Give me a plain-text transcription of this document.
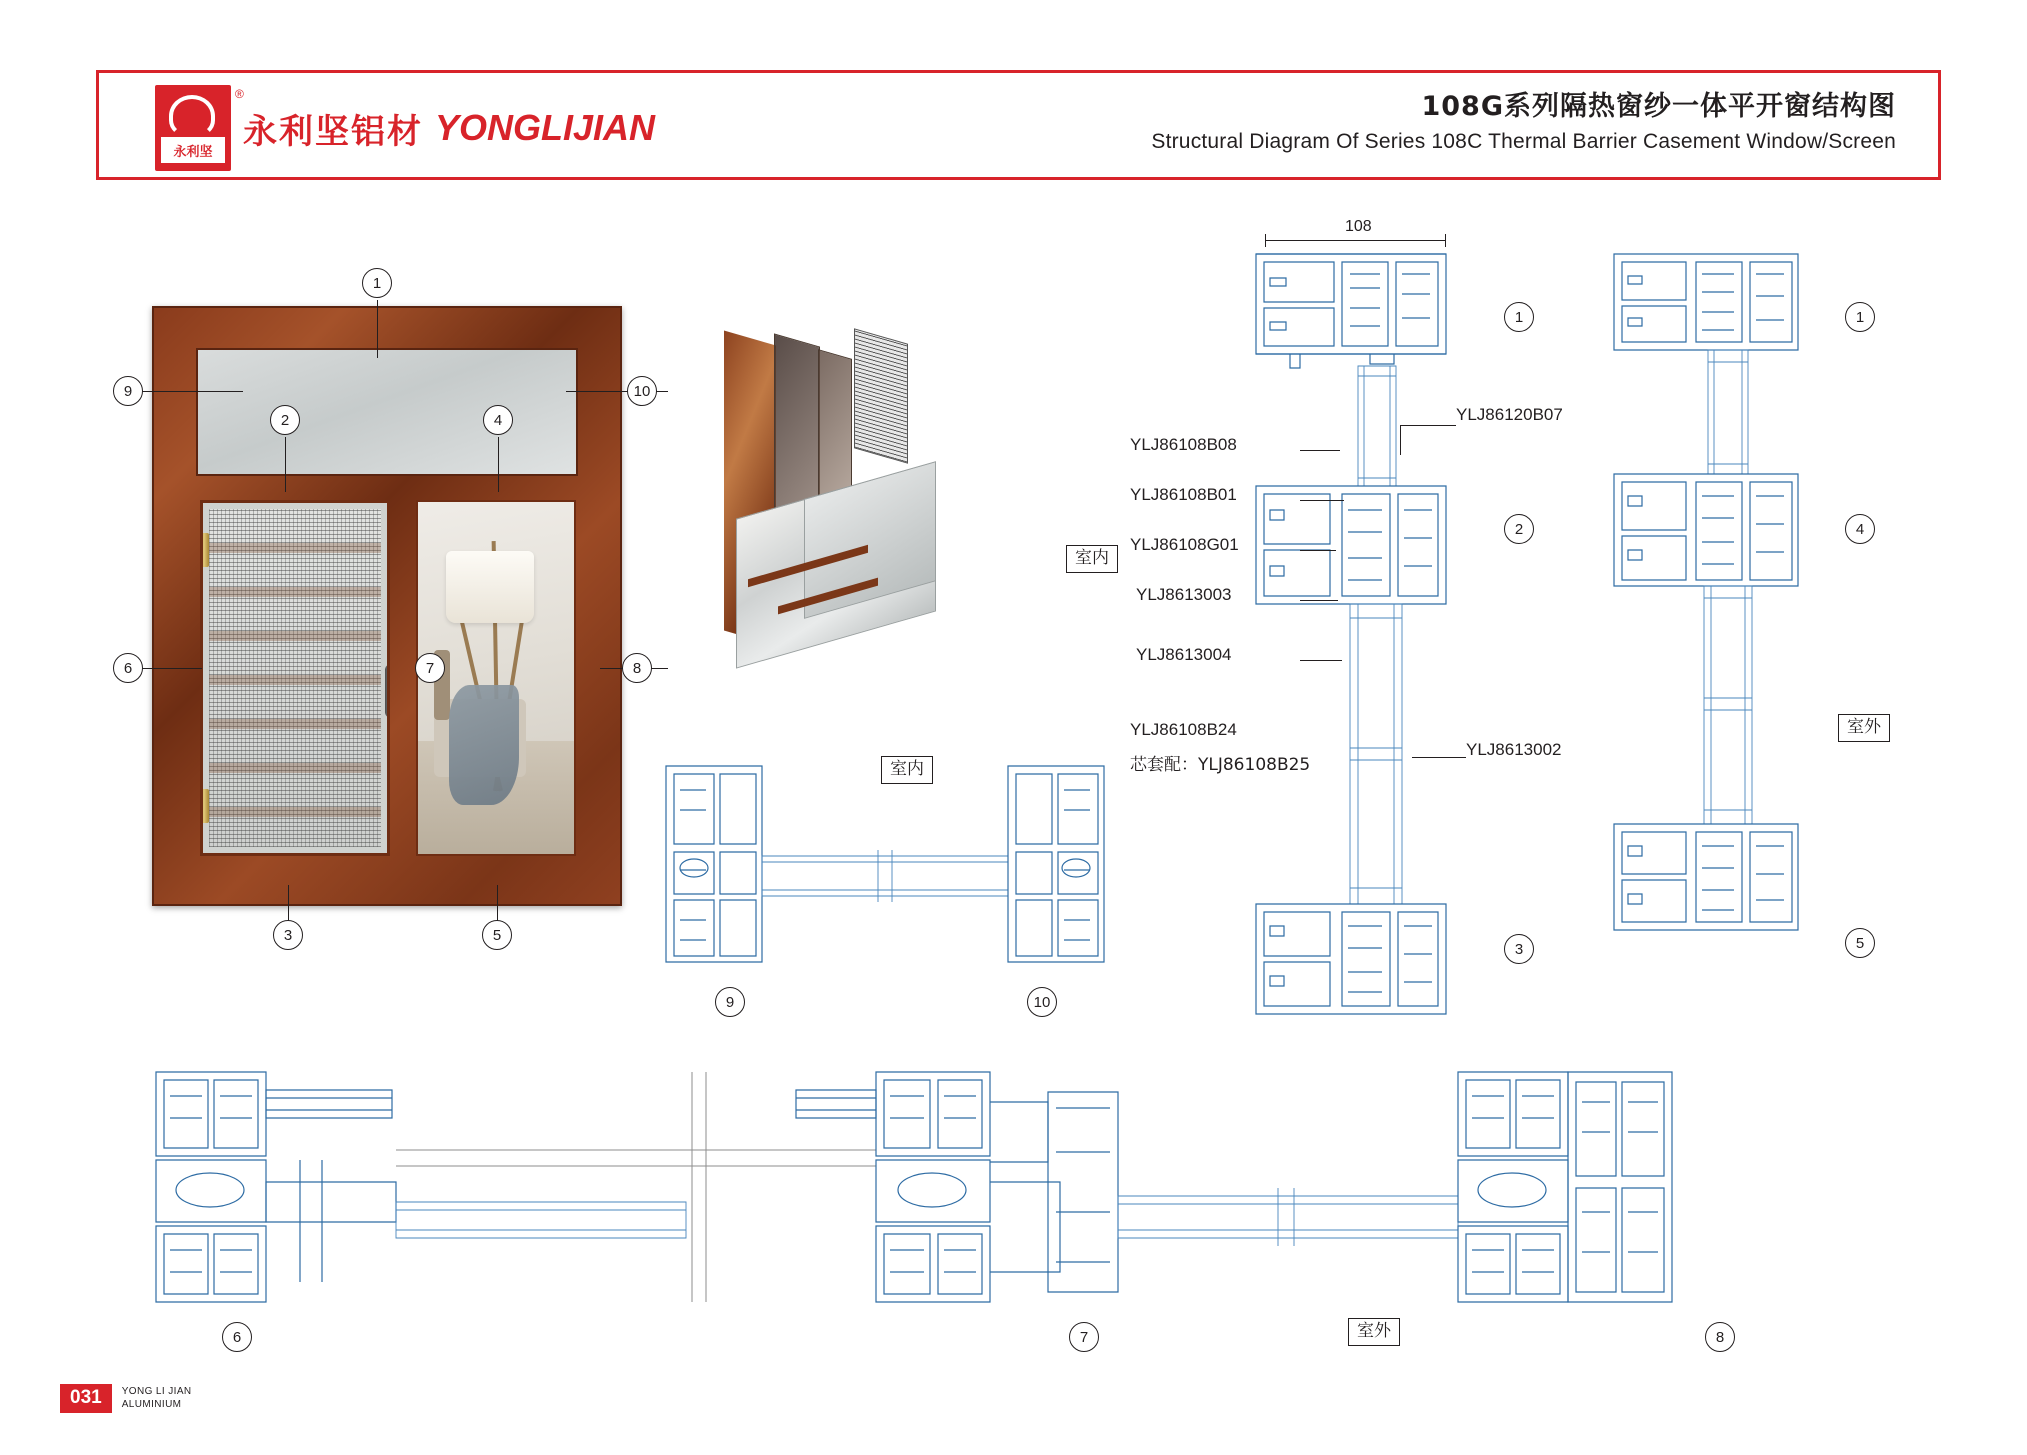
永利坚
®
永利坚铝材 YONGLIJIAN
108G系列隔热窗纱一体平开窗结构图
Structural Diagram Of Series 108C Thermal Barrier Casement Window/Screen
1
9	10
2	4
6	8
7
3	5
108
1
2
3
室内
YLJ86108B08
YLJ86108B01
YLJ86108G01
YLJ8613003
YLJ8613004
YLJ86108B24
芯套配：YLJ86108B25
YLJ86120B07
YLJ8613002
1
4
5
室外
室内
9	10
6	7	8
室外
031	YONG LI JIAN
ALUMINIUM
